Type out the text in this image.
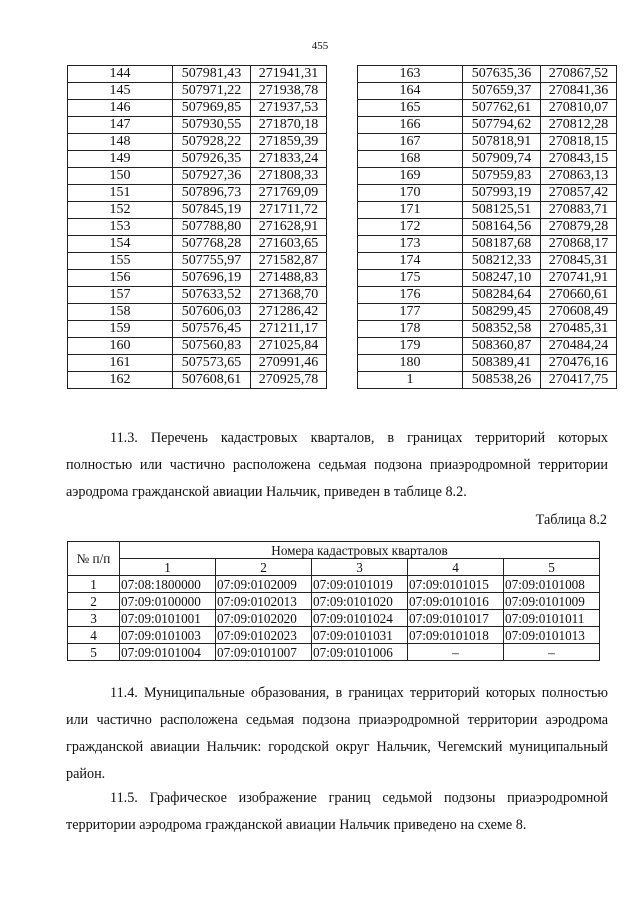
455
144	507981,43	271941,31
145	507971,22	271938,78
146	507969,85	271937,53
147	507930,55	271870,18
148	507928,22	271859,39
149	507926,35	271833,24
150	507927,36	271808,33
151	507896,73	271769,09
152	507845,19	271711,72
153	507788,80	271628,91
154	507768,28	271603,65
155	507755,97	271582,87
156	507696,19	271488,83
157	507633,52	271368,70
158	507606,03	271286,42
159	507576,45	271211,17
160	507560,83	271025,84
161	507573,65	270991,46
162	507608,61	270925,78
163	507635,36	270867,52
164	507659,37	270841,36
165	507762,61	270810,07
166	507794,62	270812,28
167	507818,91	270818,15
168	507909,74	270843,15
169	507959,83	270863,13
170	507993,19	270857,42
171	508125,51	270883,71
172	508164,56	270879,28
173	508187,68	270868,17
174	508212,33	270845,31
175	508247,10	270741,91
176	508284,64	270660,61
177	508299,45	270608,49
178	508352,58	270485,31
179	508360,87	270484,24
180	508389,41	270476,16
1	508538,26	270417,75

11.3. Перечень кадастровых кварталов, в границах территорий которых полностью или частично расположена седьмая подзона приаэродромной территории аэродрома гражданской авиации Нальчик, приведен в таблице 8.2.

Таблица 8.2
№ п/п	Номера кадастровых кварталов				
	1	2	3	4	5
1	07:08:1800000	07:09:0102009	07:09:0101019	07:09:0101015	07:09:0101008
2	07:09:0100000	07:09:0102013	07:09:0101020	07:09:0101016	07:09:0101009
3	07:09:0101001	07:09:0102020	07:09:0101024	07:09:0101017	07:09:0101011
4	07:09:0101003	07:09:0102023	07:09:0101031	07:09:0101018	07:09:0101013
5	07:09:0101004	07:09:0101007	07:09:0101006	–	–

11.4. Муниципальные образования, в границах территорий которых полностью или частично расположена седьмая подзона приаэродромной территории аэродрома гражданской авиации Нальчик: городской округ Нальчик, Чегемский муниципальный район.

11.5. Графическое изображение границ седьмой подзоны приаэродромной территории аэродрома гражданской авиации Нальчик приведено на схеме 8.
